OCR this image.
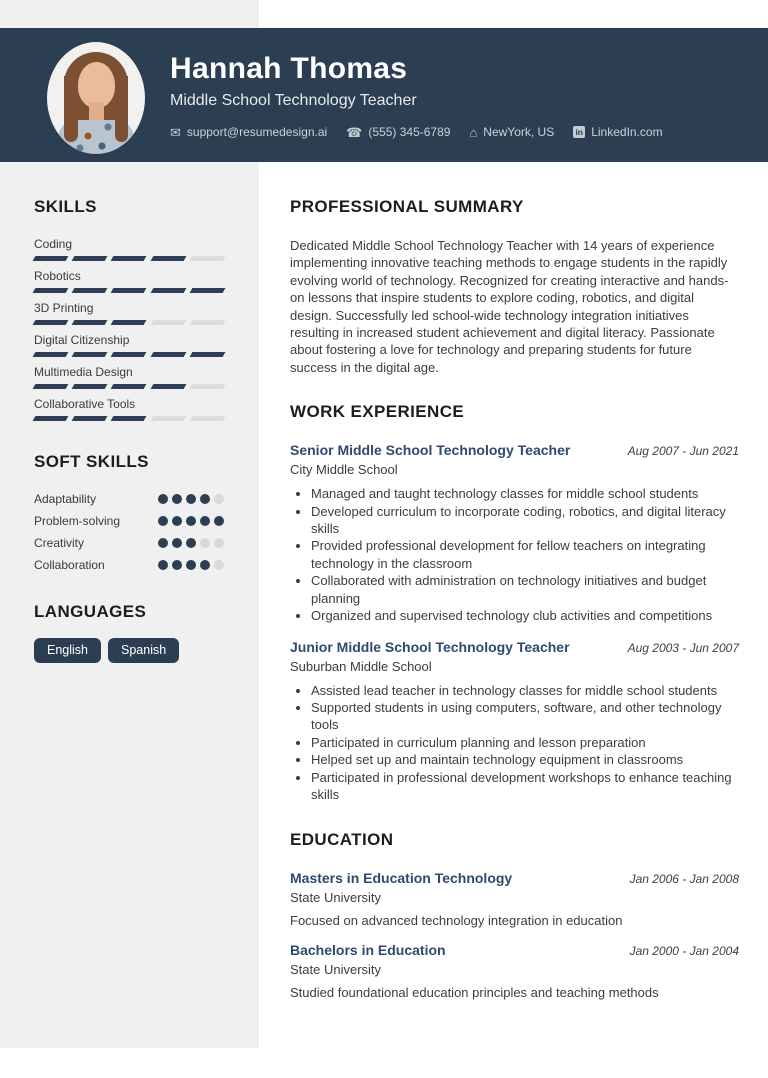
Hannah Thomas
Middle School Technology Teacher
✉ support@resumedesign.ai ☎ (555) 345-6789 ⌂ NewYork, US in LinkedIn.com
SKILLS
Coding
Robotics
3D Printing
Digital Citizenship
Multimedia Design
Collaborative Tools
SOFT SKILLS
Adaptability
Problem-solving
Creativity
Collaboration
LANGUAGES
English	Spanish
PROFESSIONAL SUMMARY

Dedicated Middle School Technology Teacher with 14 years of experience implementing innovative teaching methods to engage students in the rapidly evolving world of technology. Recognized for creating interactive and hands-on lessons that inspire students to explore coding, robotics, and digital design. Successfully led school-wide technology integration initiatives resulting in increased student achievement and digital literacy. Passionate about fostering a love for technology and preparing students for future success in the digital age.

WORK EXPERIENCE
Senior Middle School Technology Teacher	Aug 2007 - Jun 2021
City Middle School
• Managed and taught technology classes for middle school students
• Developed curriculum to incorporate coding, robotics, and digital literacy skills
• Provided professional development for fellow teachers on integrating technology in the classroom
• Collaborated with administration on technology initiatives and budget planning
• Organized and supervised technology club activities and competitions
Junior Middle School Technology Teacher	Aug 2003 - Jun 2007
Suburban Middle School
• Assisted lead teacher in technology classes for middle school students
• Supported students in using computers, software, and other technology tools
• Participated in curriculum planning and lesson preparation
• Helped set up and maintain technology equipment in classrooms
• Participated in professional development workshops to enhance teaching skills
EDUCATION
Masters in Education Technology	Jan 2006 - Jan 2008
State University
Focused on advanced technology integration in education
Bachelors in Education	Jan 2000 - Jan 2004
State University
Studied foundational education principles and teaching methods
